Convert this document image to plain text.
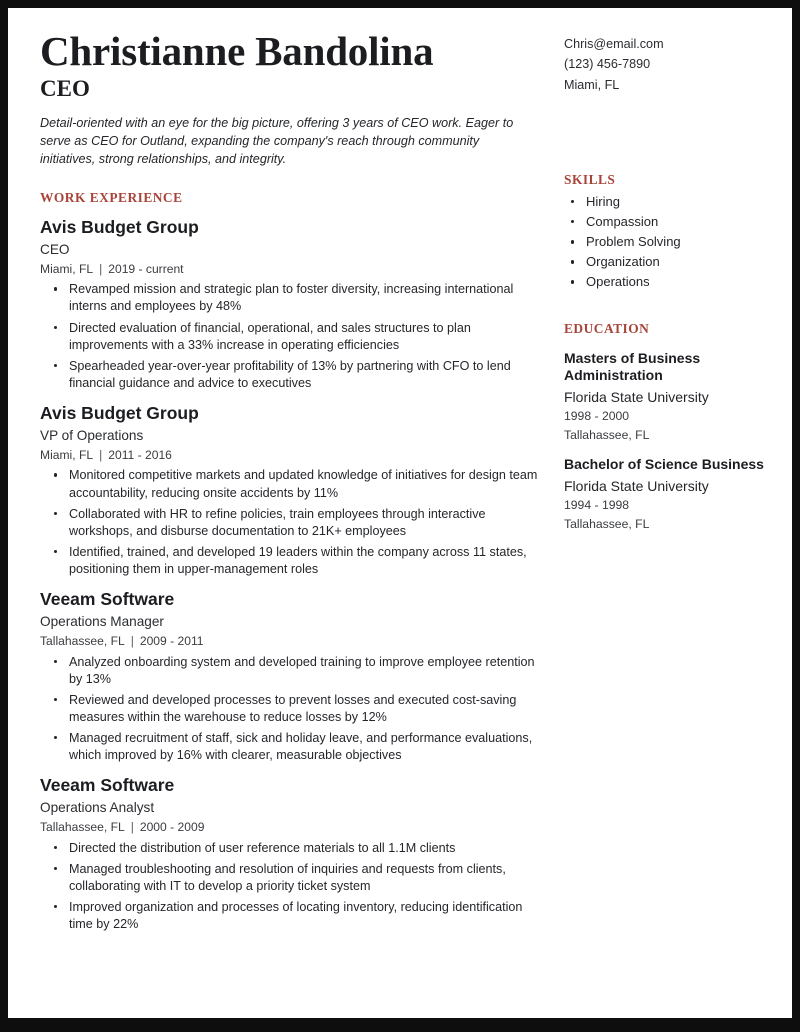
Christianne Bandolina
CEO

Detail-oriented with an eye for the big picture, offering 3 years of CEO work. Eager to serve as CEO for Outland, expanding the company's reach through community initiatives, strong relationships, and integrity.

Chris@email.com
(123) 456-7890
Miami, FL
WORK EXPERIENCE
Avis Budget Group
CEO
Miami, FL | 2019 - current
Revamped mission and strategic plan to foster diversity, increasing international interns and employees by 48%
Directed evaluation of financial, operational, and sales structures to plan improvements with a 33% increase in operating efficiencies
Spearheaded year-over-year profitability of 13% by partnering with CFO to lend financial guidance and advice to executives
Avis Budget Group
VP of Operations
Miami, FL | 2011 - 2016
Monitored competitive markets and updated knowledge of initiatives for design team accountability, reducing onsite accidents by 11%
Collaborated with HR to refine policies, train employees through interactive workshops, and disburse documentation to 21K+ employees
Identified, trained, and developed 19 leaders within the company across 11 states, positioning them in upper-management roles
Veeam Software
Operations Manager
Tallahassee, FL | 2009 - 2011
Analyzed onboarding system and developed training to improve employee retention by 13%
Reviewed and developed processes to prevent losses and executed cost-saving measures within the warehouse to reduce losses by 12%
Managed recruitment of staff, sick and holiday leave, and performance evaluations, which improved by 16% with clearer, measurable objectives
Veeam Software
Operations Analyst
Tallahassee, FL | 2000 - 2009
Directed the distribution of user reference materials to all 1.1M clients
Managed troubleshooting and resolution of inquiries and requests from clients, collaborating with IT to develop a priority ticket system
Improved organization and processes of locating inventory, reducing identification time by 22%
SKILLS
Hiring
Compassion
Problem Solving
Organization
Operations
EDUCATION
Masters of Business Administration
Florida State University
1998 - 2000
Tallahassee, FL
Bachelor of Science Business
Florida State University
1994 - 1998
Tallahassee, FL
